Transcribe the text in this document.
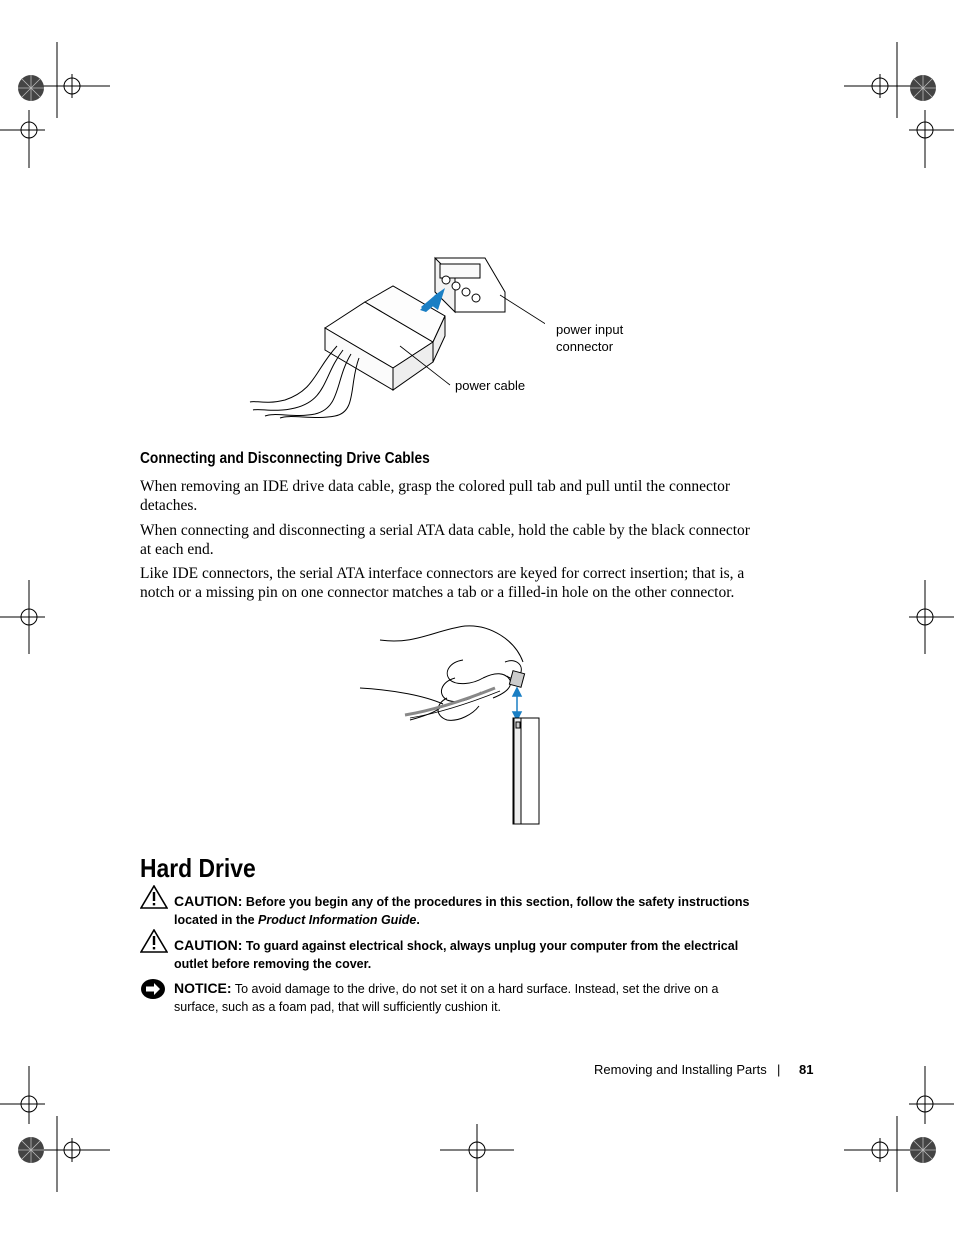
power input
connector
power cable
Connecting and Disconnecting Drive Cables
When removing an IDE drive data cable, grasp the colored pull tab and pull until the connector detaches.
When connecting and disconnecting a serial ATA data cable, hold the cable by the black connector at each end.
Like IDE connectors, the serial ATA interface connectors are keyed for correct insertion; that is, a notch or a missing pin on one connector matches a tab or a filled-in hole on the other connector.
Hard Drive
CAUTION: Before you begin any of the procedures in this section, follow the safety instructions located in the Product Information Guide.
CAUTION: To guard against electrical shock, always unplug your computer from the electrical outlet before removing the cover.
NOTICE: To avoid damage to the drive, do not set it on a hard surface. Instead, set the drive on a surface, such as a foam pad, that will sufficiently cushion it.
Removing and Installing Parts | 81
